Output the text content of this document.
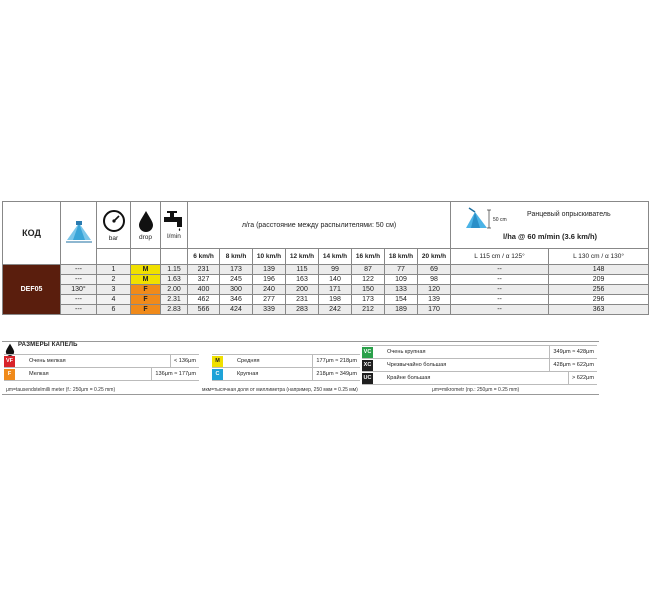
КОД		bar	drop	l/min	л/га (расстояние между распылителями: 50 см)								50 cm
Ранцевый опрыскиватель
l/ha @ 60 m/min (3.6 km/h)	

					6 km/h	8 km/h	10 km/h	12 km/h	14 km/h	16 km/h	18 km/h	20 km/h	L 115 cm / α 125°	L 130 cm / α 130°
DEF05	---	1	M	1.15	231	173	139	115	99	87	77	69	--	148
	---	2	M	1.63	327	245	196	163	140	122	109	98	--	209
	130°	3	F	2.00	400	300	240	200	171	150	133	120	--	256
	---	4	F	2.31	462	346	277	231	198	173	154	139	--	296
	---	6	F	2.83	566	424	339	283	242	212	189	170	--	363
РАЗМЕРЫ КАПЕЛЬ
VF	Очень мелкая	< 136μm
F	Мелкая	136μm ≈ 177μm
M	Средняя	177μm ≈ 218μm
C	Крупная	218μm ≈ 349μm
VC	Очень крупная	349μm ≈ 428μm
XC	Чрезвычайно большая	428μm ≈ 622μm
UC	Крайне большая	> 622μm
μm=tausendstelmilli meter (f.: 250μm = 0.25 mm)	мкм=тысячная доля от миллиметра (например, 250 мкм = 0.25 мм)	μm=mikrometr (np.: 250μm = 0.25 mm)
